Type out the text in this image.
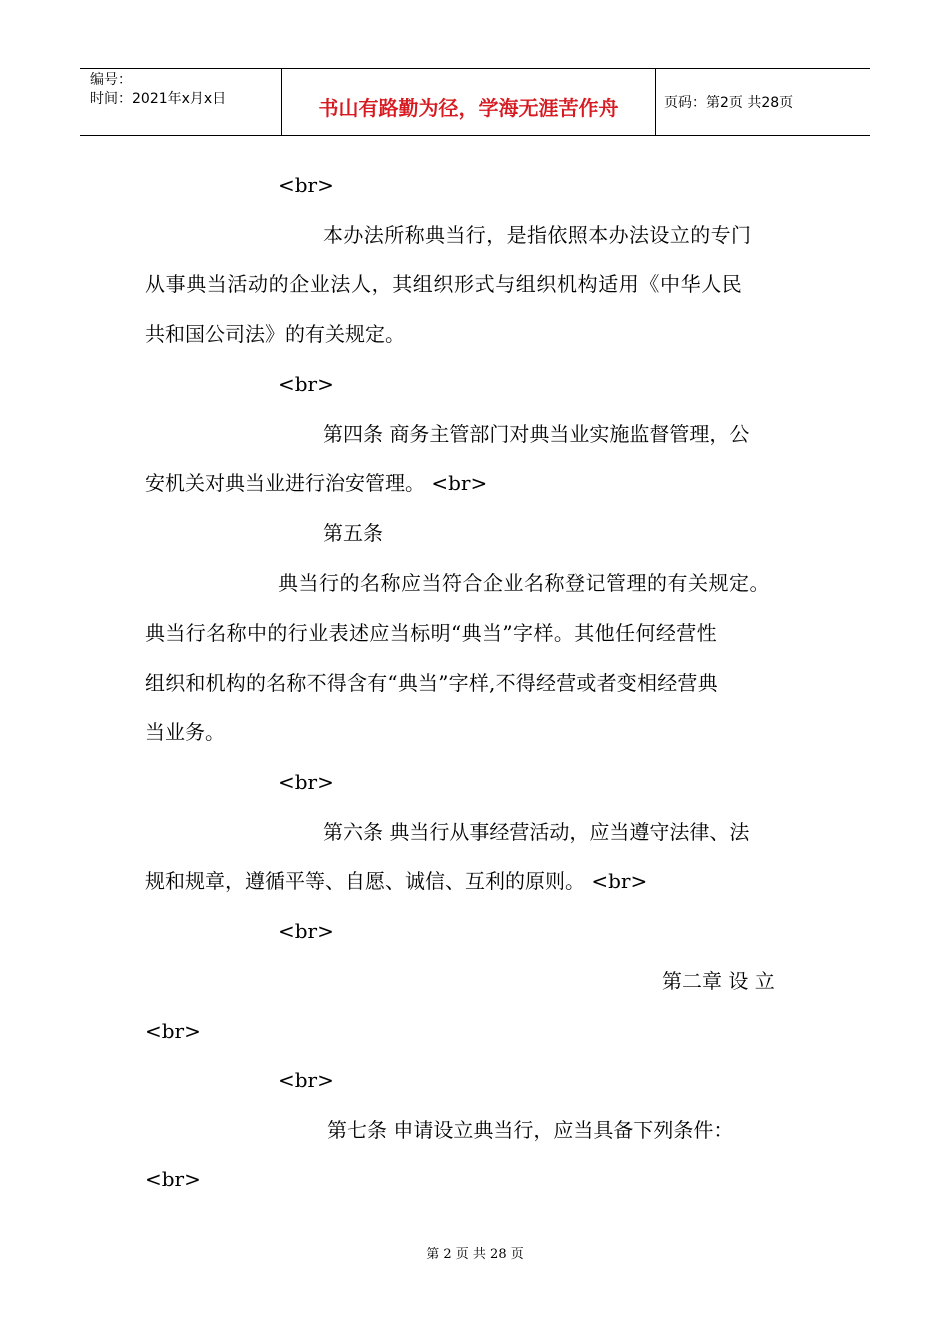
编号：
时间：2021年x月x日	书山有路勤为径，学海无涯苦作舟	页码：第2页 共28页
<br>
本办法所称典当行，是指依照本办法设立的专门
从事典当活动的企业法人，其组织形式与组织机构适用《中华人民
共和国公司法》的有关规定。
<br>
第四条 商务主管部门对典当业实施监督管理，公
安机关对典当业进行治安管理。 <br>
第五条
典当行的名称应当符合企业名称登记管理的有关规定。
典当行名称中的行业表述应当标明“典当”字样。其他任何经营性
组织和机构的名称不得含有“典当”字样,不得经营或者变相经营典
当业务。
<br>
第六条 典当行从事经营活动，应当遵守法律、法
规和规章，遵循平等、自愿、诚信、互利的原则。 <br>
<br>
第二章 设 立
<br>
<br>
第七条 申请设立典当行，应当具备下列条件：
<br>
第 2 页 共 28 页
